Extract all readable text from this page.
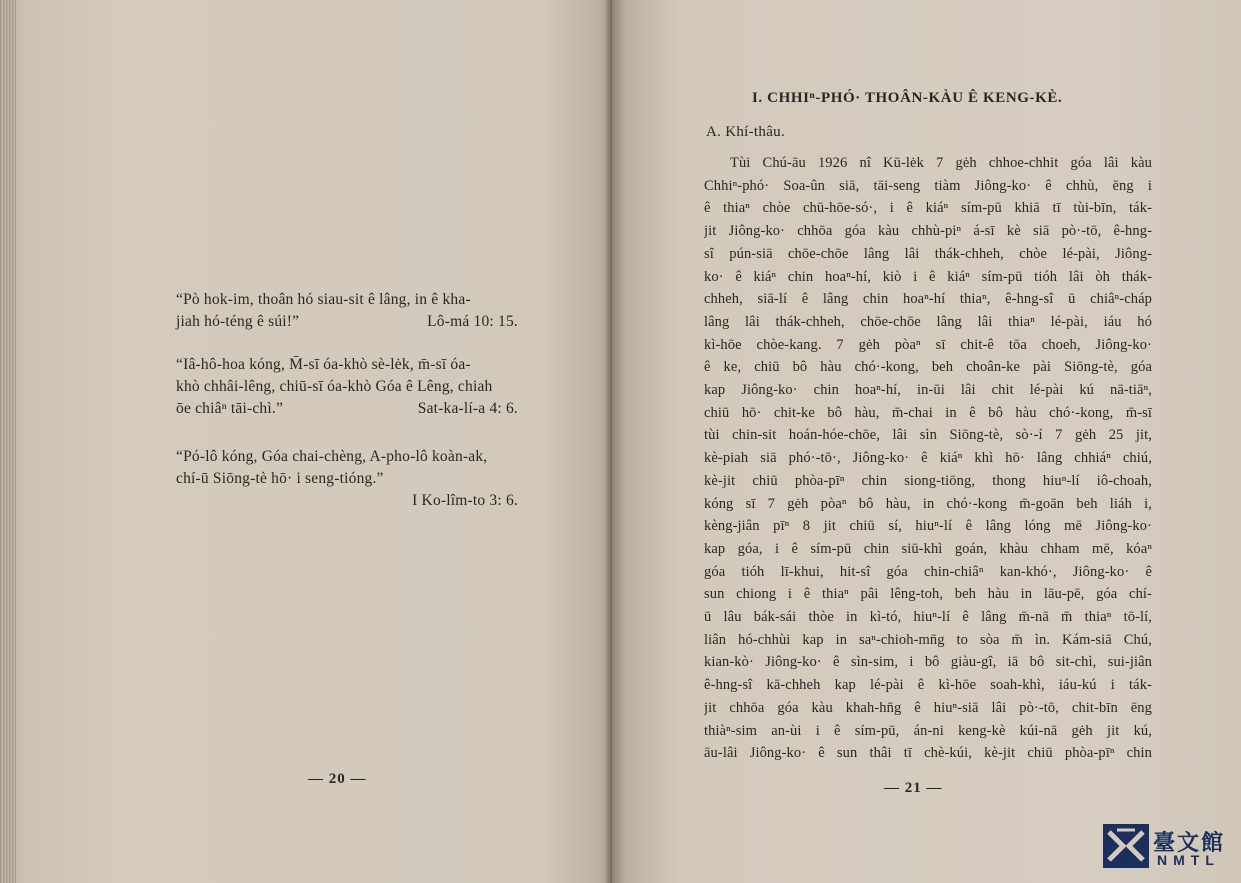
“Pò hok-im, thoân hó siau-sit ê lâng, in ê kha-
jiah hó-téng ê súi!”	Lô-má 10: 15.
“Iâ-hô-hoa kóng, M̄-sī óa-khò sè-lėk, m̄-sī óa-
khò chhâi-lêng, chiū-sī óa-khò Góa ê Lêng, chiah
ōe chiâⁿ tāi-chì.”	Sat-ka-lí-a 4: 6.
“Pó-lô kóng, Góa chai-chèng, A-pho-lô koàn-ak,
chí-ū Siōng-tè hō· i seng-tióng.”
I Ko-lîm-to 3: 6.
— 20 —
I. CHHIⁿ-PHÓ· THOÂN-KÀU Ê KENG-KÈ.
A. Khí-thâu.
Tùi Chú-āu 1926 nî Kū-lėk 7 gėh chhoe-chhit góa lâi kàu
Chhiⁿ-phó· Soa-ûn siā, tāi-seng tiàm Jiông-ko· ê chhù, ēng i
ê thiaⁿ chòe chū-hōe-só·, i ê kiáⁿ sím-pū khiā tī tùi-bīn, ták-
jit Jiông-ko· chhōa góa kàu chhù-piⁿ á-sī kè siā pò·-tō, ê-hng-
sî pún-siā chōe-chōe lâng lâi thák-chheh, chòe lé-pài, Jiông-
ko· ê kiáⁿ chin hoaⁿ-hí, kiò i ê kiáⁿ sím-pū tióh lâi òh thák-
chheh, siā-lí ê lâng chin hoaⁿ-hí thiaⁿ, ê-hng-sî ū chiâⁿ-cháp
lâng lâi thák-chheh, chōe-chōe lâng lâi thiaⁿ lé-pài, iáu hó
kì-hōe chòe-kang. 7 gėh pòaⁿ sī chit-ê tōa choeh, Jiông-ko·
ê ke, chiū bô hàu chó·-kong, beh choân-ke pài Siōng-tè, góa
kap Jiông-ko· chin hoaⁿ-hí, in-ūi lâi chit lé-pài kú nā-tiāⁿ,
chiū hō· chit-ke bô hàu, m̄-chai in ê bô hàu chó·-kong, m̄-sī
tùi chin-sit hoán-hóe-chōe, lâi sìn Siōng-tè, sò·-í 7 gėh 25 jit,
kè-piah siā phó·-tō·, Jiông-ko· ê kiáⁿ khì hō· lâng chhiáⁿ chiú,
kè-jit chiū phòa-pīⁿ chin siong-tiōng, thong hiuⁿ-lí iô-choah,
kóng sī 7 gėh pòaⁿ bô hàu, in chó·-kong m̄-goān beh liáh i,
kèng-jiân pīⁿ 8 jit chiū sí, hiuⁿ-lí ê lâng lóng mē Jiông-ko·
kap góa, i ê sím-pū chin siū-khì goán, khàu chham mē, kóaⁿ
góa tióh lī-khui, hit-sî góa chin-chiâⁿ kan-khó·, Jiông-ko· ê
sun chiong i ê thiaⁿ pâi lêng-toh, beh hàu in lāu-pē, góa chí-
ū lâu bák-sái thòe in kì-tó, hiuⁿ-lí ê lâng m̄-nā m̄ thiaⁿ tō-lí,
liân hó-chhùi kap in saⁿ-chioh-mn̄g to sòa m̄ ìn. Kám-siā Chú,
kian-kò· Jiông-ko· ê sìn-sim, i bô giàu-gî, iā bô sit-chì, sui-jiân
ê-hng-sî kā-chheh kap lé-pài ê kì-hōe soah-khì, iáu-kú i ták-
jit chhōa góa kàu khah-hn̄g ê hiuⁿ-siā lâi pò·-tō, chit-bīn ēng
thiàⁿ-sim an-ùi i ê sím-pū, án-ni keng-kè kúi-nā gėh jit kú,
āu-lâi Jiông-ko· ê sun thâi tī chè-kúi, kè-jit chiū phòa-pīⁿ chin
— 21 —
臺文館
NMTL
